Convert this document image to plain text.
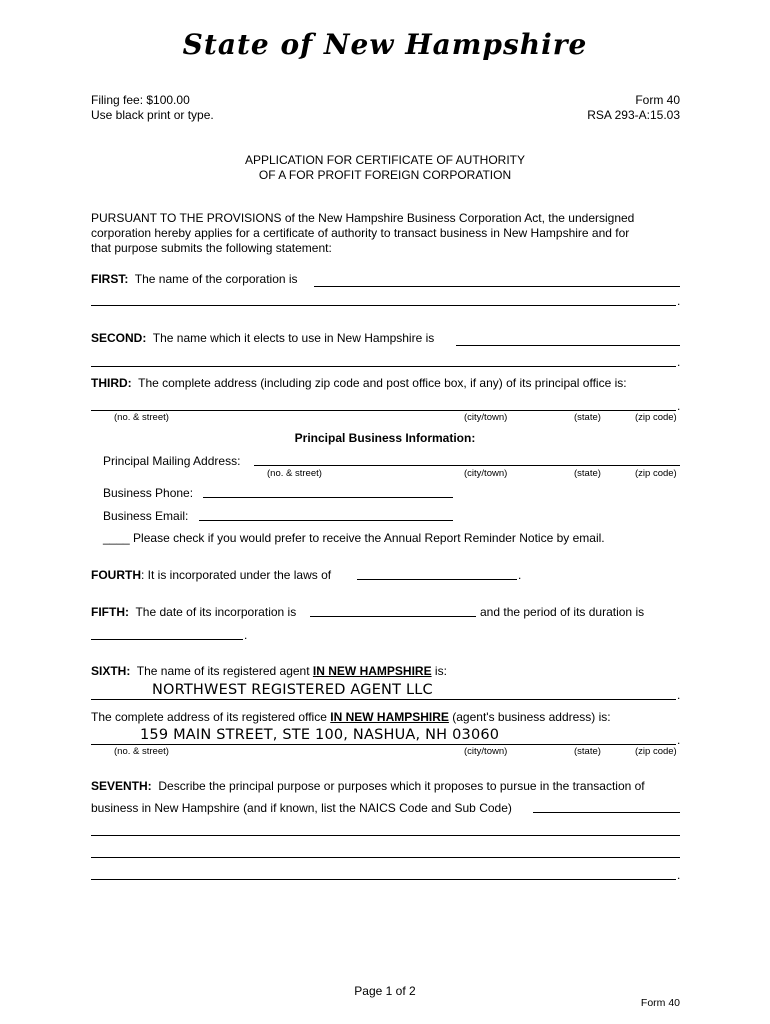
State of New Hampshire
Filing fee: $100.00
Use black print or type.
Form 40
RSA 293-A:15.03
APPLICATION FOR CERTIFICATE OF AUTHORITY
OF A FOR PROFIT FOREIGN CORPORATION
PURSUANT TO THE PROVISIONS of the New Hampshire Business Corporation Act, the undersigned
corporation hereby applies for a certificate of authority to transact business in New Hampshire and for
that purpose submits the following statement:
FIRST: The name of the corporation is
.
SECOND: The name which it elects to use in New Hampshire is
.
THIRD: The complete address (including zip code and post office box, if any) of its principal office is:
.
(no. & street)	(city/town)	(state)	(zip code)
Principal Business Information:
Principal Mailing Address:
(no. & street)	(city/town)	(state)	(zip code)
Business Phone:
Business Email:
____ Please check if you would prefer to receive the Annual Report Reminder Notice by email.
FOURTH: It is incorporated under the laws of	.
FIFTH: The date of its incorporation is	and the period of its duration is
.
SIXTH: The name of its registered agent IN NEW HAMPSHIRE is:
NORTHWEST REGISTERED AGENT LLC	.
The complete address of its registered office IN NEW HAMPSHIRE (agent's business address) is:
159 MAIN STREET, STE 100, NASHUA, NH 03060	.
(no. & street)	(city/town)	(state)	(zip code)
SEVENTH: Describe the principal purpose or purposes which it proposes to pursue in the transaction of
business in New Hampshire (and if known, list the NAICS Code and Sub Code)
.
Page 1 of 2
Form 40
